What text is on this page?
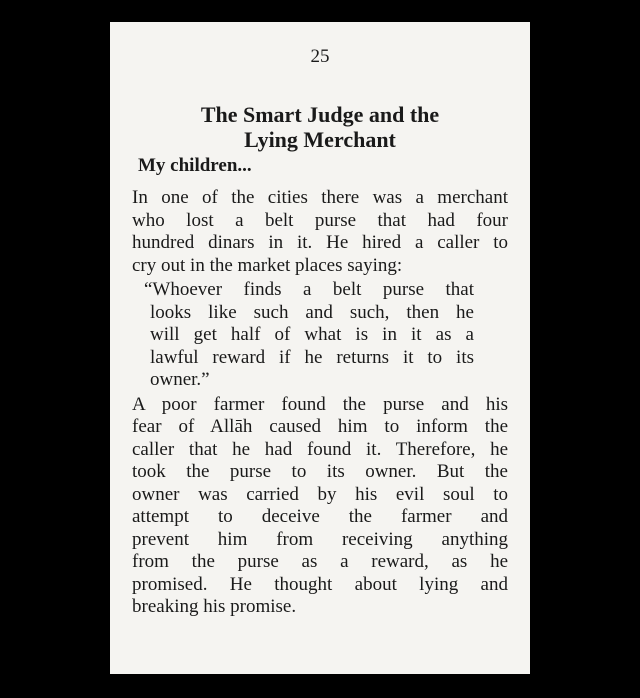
25
The Smart Judge and the
Lying Merchant

My children...

In one of the cities there was a merchant
who lost a belt purse that had four
hundred dinars in it. He hired a caller to
cry out in the market places saying:

“Whoever finds a belt purse that
looks like such and such, then he
will get half of what is in it as a
lawful reward if he returns it to its
owner.”

A poor farmer found the purse and his
fear of Allāh caused him to inform the
caller that he had found it. Therefore, he
took the purse to its owner. But the
owner was carried by his evil soul to
attempt to deceive the farmer and
prevent him from receiving anything
from the purse as a reward, as he
promised. He thought about lying and
breaking his promise.
